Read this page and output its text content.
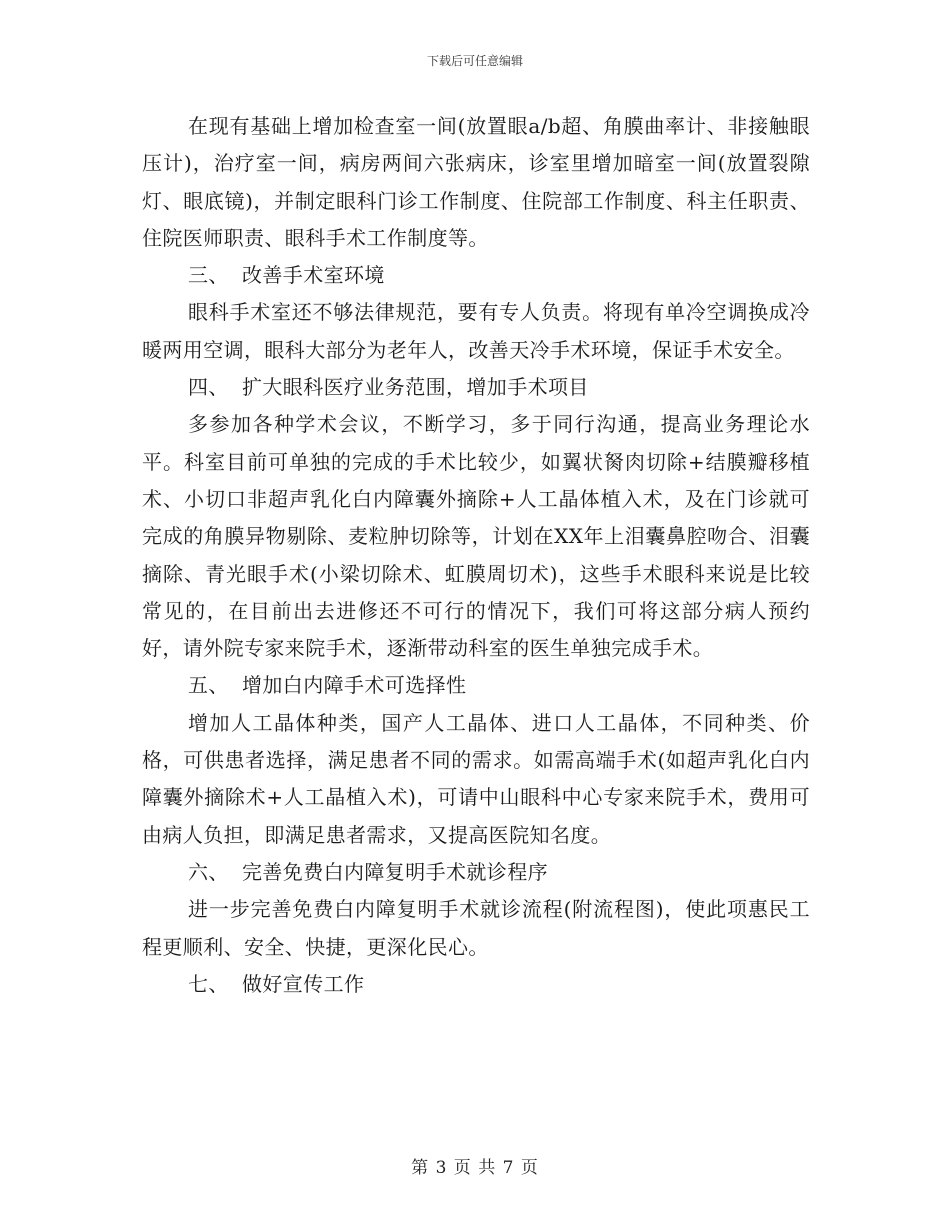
下载后可任意编辑

在现有基础上增加检查室一间(放置眼a/b超、角膜曲率计、非接触眼压计)，治疗室一间，病房两间六张病床，诊室里增加暗室一间(放置裂隙灯、眼底镜)，并制定眼科门诊工作制度、住院部工作制度、科主任职责、住院医师职责、眼科手术工作制度等。

三、 改善手术室环境

眼科手术室还不够法律规范，要有专人负责。将现有单冷空调换成冷暖两用空调，眼科大部分为老年人，改善天冷手术环境，保证手术安全。

四、 扩大眼科医疗业务范围，增加手术项目

多参加各种学术会议，不断学习，多于同行沟通，提高业务理论水平。科室目前可单独的完成的手术比较少，如翼状胬肉切除+结膜瓣移植术、小切口非超声乳化白内障囊外摘除+人工晶体植入术，及在门诊就可完成的角膜异物剔除、麦粒肿切除等，计划在XX年上泪囊鼻腔吻合、泪囊摘除、青光眼手术(小梁切除术、虹膜周切术)，这些手术眼科来说是比较常见的，在目前出去进修还不可行的情况下，我们可将这部分病人预约好，请外院专家来院手术，逐渐带动科室的医生单独完成手术。

五、 增加白内障手术可选择性

增加人工晶体种类，国产人工晶体、进口人工晶体，不同种类、价格，可供患者选择，满足患者不同的需求。如需高端手术(如超声乳化白内障囊外摘除术+人工晶植入术)，可请中山眼科中心专家来院手术，费用可由病人负担，即满足患者需求，又提高医院知名度。

六、 完善免费白内障复明手术就诊程序

进一步完善免费白内障复明手术就诊流程(附流程图)，使此项惠民工程更顺利、安全、快捷，更深化民心。

七、 做好宣传工作

第 3 页 共 7 页
